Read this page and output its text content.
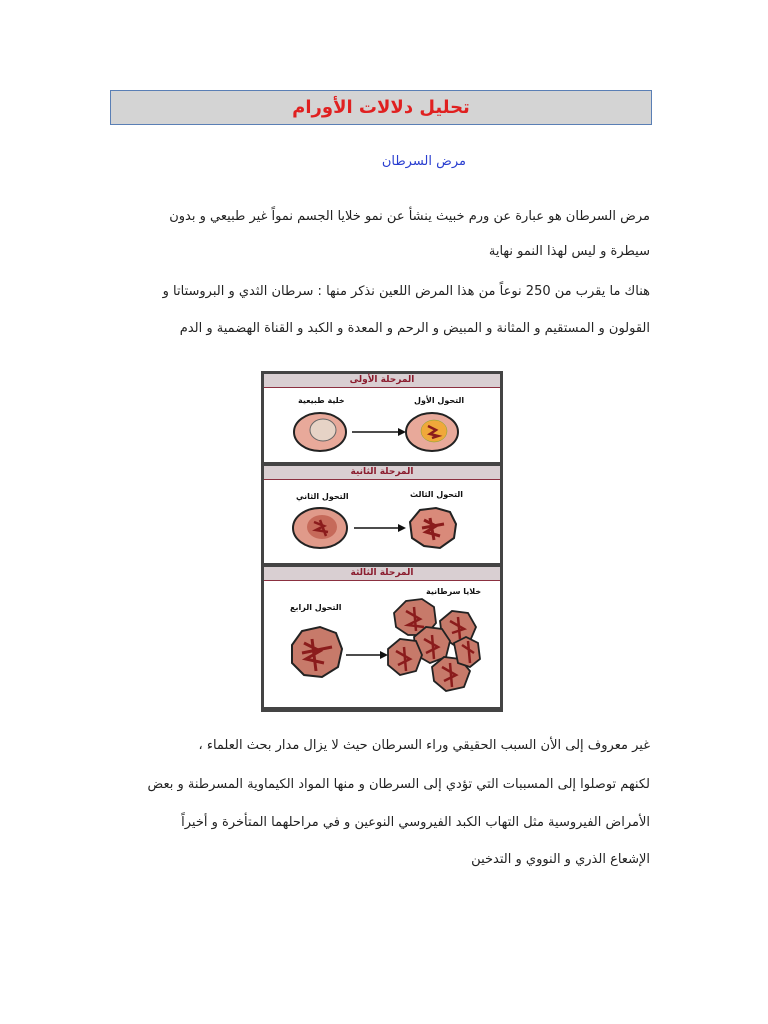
تحليل دلالات الأورام
مرض السرطان
مرض السرطان هو عبارة عن ورم خبيث ينشأ عن نمو خلايا الجسم نمواً غير طبيعي و بدون
سيطرة و ليس لهذا النمو نهاية
هناك ما يقرب من 250 نوعاً من هذا المرض اللعين نذكر منها : سرطان الثدي و البروستاتا و
القولون و المستقيم و المثانة و المبيض و الرحم و المعدة و الكبد و القناة الهضمية و الدم
المرحلة الأولى
خلية طبيعية	التحول الأول
المرحلة الثانية
التحول الثاني	التحول الثالث
المرحلة الثالثة
التحول الرابع
خلايا سرطانية
غير معروف إلى الأن السبب الحقيقي وراء السرطان حيث لا يزال مدار بحث العلماء ،
لكنهم توصلوا إلى المسببات التي تؤدي إلى السرطان و منها المواد الكيماوية المسرطنة و بعض
الأمراض الفيروسية مثل التهاب الكبد الفيروسي النوعين و في مراحلهما المتأخرة و أخيراً
الإشعاع الذري و النووي و التدخين
